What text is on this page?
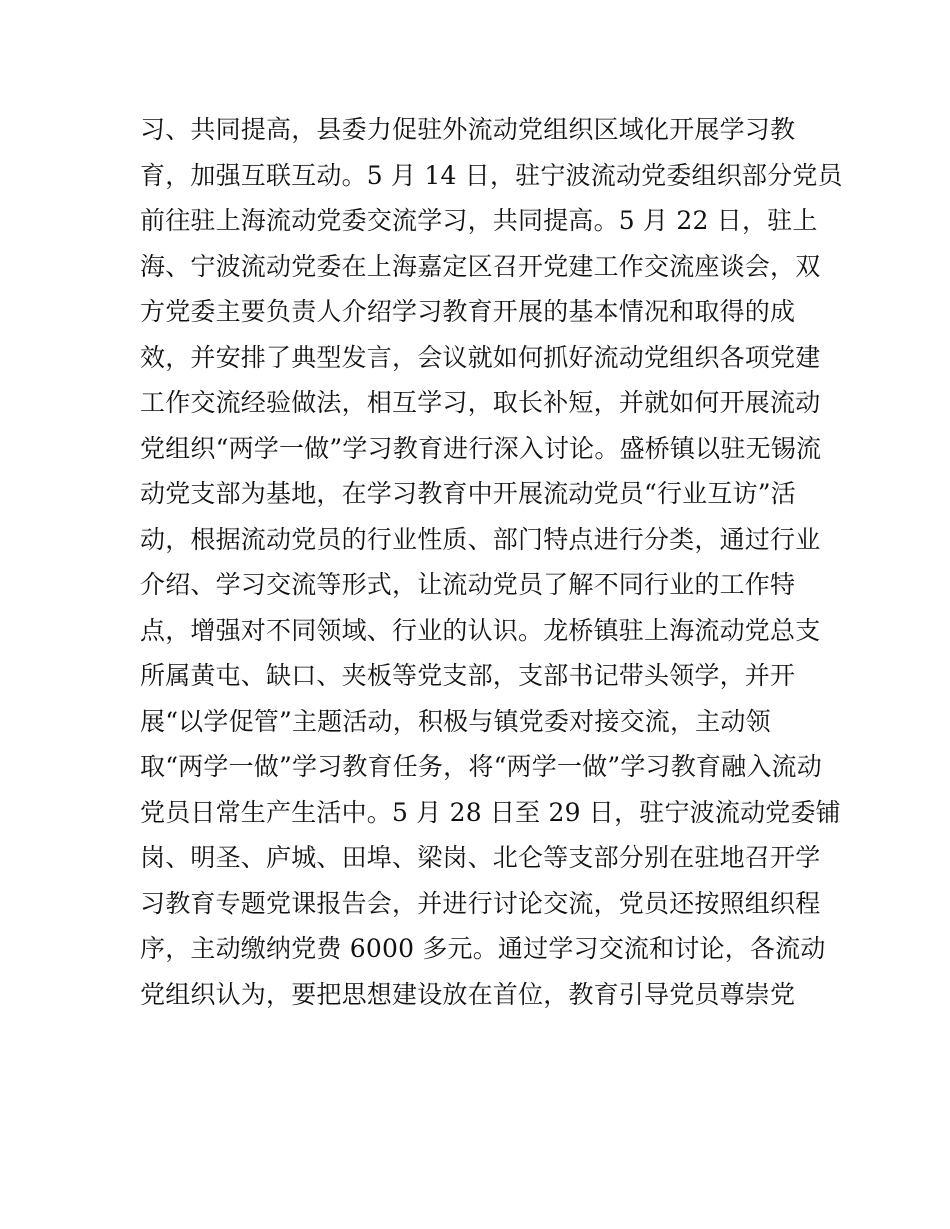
习、共同提高，县委力促驻外流动党组织区域化开展学习教
育，加强互联互动。5 月 14 日，驻宁波流动党委组织部分党员
前往驻上海流动党委交流学习，共同提高。5 月 22 日，驻上
海、宁波流动党委在上海嘉定区召开党建工作交流座谈会，双
方党委主要负责人介绍学习教育开展的基本情况和取得的成
效，并安排了典型发言，会议就如何抓好流动党组织各项党建
工作交流经验做法，相互学习，取长补短，并就如何开展流动
党组织“两学一做”学习教育进行深入讨论。盛桥镇以驻无锡流
动党支部为基地，在学习教育中开展流动党员“行业互访”活
动，根据流动党员的行业性质、部门特点进行分类，通过行业
介绍、学习交流等形式，让流动党员了解不同行业的工作特
点，增强对不同领域、行业的认识。龙桥镇驻上海流动党总支
所属黄屯、缺口、夹板等党支部，支部书记带头领学，并开
展“以学促管”主题活动，积极与镇党委对接交流，主动领
取“两学一做”学习教育任务，将“两学一做”学习教育融入流动
党员日常生产生活中。5 月 28 日至 29 日，驻宁波流动党委铺
岗、明圣、庐城、田埠、梁岗、北仑等支部分别在驻地召开学
习教育专题党课报告会，并进行讨论交流，党员还按照组织程
序，主动缴纳党费 6000 多元。通过学习交流和讨论，各流动
党组织认为，要把思想建设放在首位，教育引导党员尊崇党
